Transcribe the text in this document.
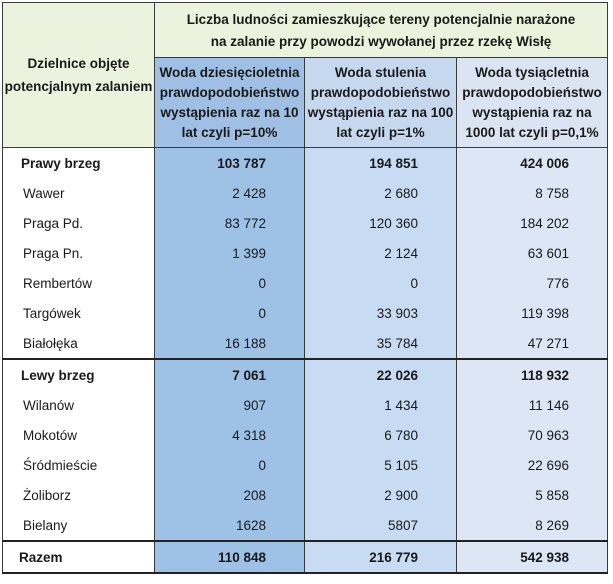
Dzielnice objęte potencjalnym zalaniem	Liczba ludności zamieszkujące tereny potencjalnie narażone
na zalanie przy powodzi wywołanej przez rzekę Wisłę		

	Woda dziesięcioletnia prawdopodobieństwo wystąpienia raz na 10 lat czyli p=10%	Woda stulenia prawdopodobieństwo wystąpienia raz na 100 lat czyli p=1%	Woda tysiącletnia prawdopodobieństwo wystąpienia raz na 1000 lat czyli p=0,1%
Prawy brzeg	103 787	194 851	424 006
Wawer	2 428	2 680	8 758
Praga Pd.	83 772	120 360	184 202
Praga Pn.	1 399	2 124	63 601
Rembertów	0	0	776
Targówek	0	33 903	119 398
Białołęka	16 188	35 784	47 271
Lewy brzeg	7 061	22 026	118 932
Wilanów	907	1 434	11 146
Mokotów	4 318	6 780	70 963
Śródmieście	0	5 105	22 696
Żoliborz	208	2 900	5 858
Bielany	1628	5807	8 269
Razem	110 848	216 779	542 938
